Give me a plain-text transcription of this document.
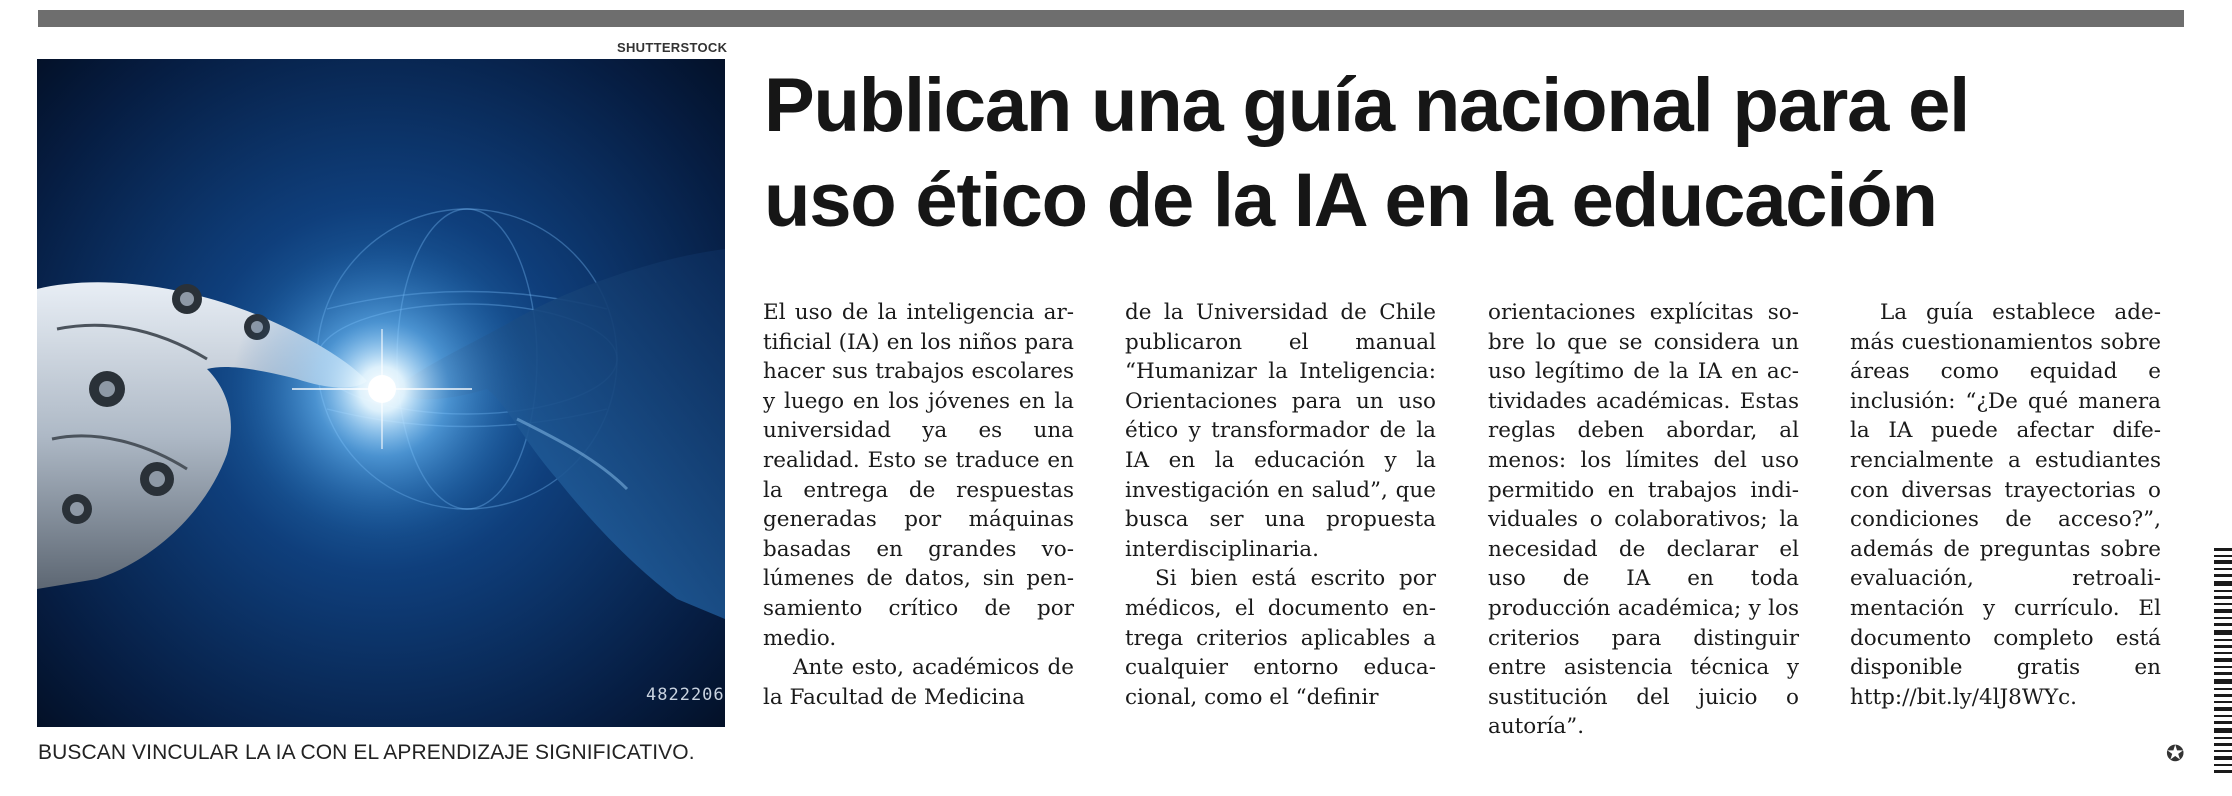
SHUTTERSTOCK
4822206
BUSCAN VINCULAR LA IA CON EL APRENDIZAJE SIGNIFICATIVO.
Publican una guía nacional para el uso ético de la IA en la educación

El uso de la inteligencia artificial (IA) en los niños para hacer sus trabajos escolares y luego en los jóvenes en la universidad ya es una realidad. Esto se traduce en la entrega de respuestas generadas por máquinas basadas en grandes volúmenes de datos, sin pensamiento crítico de por medio.

Ante esto, académicos de la Facultad de Medicina

de la Universidad de Chile publicaron el manual “Humanizar la Inteligencia: Orientaciones para un uso ético y transformador de la IA en la educación y la investigación en salud”, que busca ser una propuesta interdisciplinaria.

Si bien está escrito por médicos, el documento entrega criterios aplicables a cualquier entorno educacional, como el “definir

orientaciones explícitas sobre lo que se considera un uso legítimo de la IA en actividades académicas. Estas reglas deben abordar, al menos: los límites del uso permitido en trabajos individuales o colaborativos; la necesidad de declarar el uso de IA en toda producción académica; y los criterios para distinguir entre asistencia técnica y sustitución del juicio o autoría”.

La guía establece además cuestionamientos sobre áreas como equidad e inclusión: “¿De qué manera la IA puede afectar diferencialmente a estudiantes con diversas trayectorias o condiciones de acceso?”, además de preguntas sobre evaluación, retroalimentación y currículo. El documento completo está disponible gratis en http://bit.ly/4lJ8WYc.

✪
